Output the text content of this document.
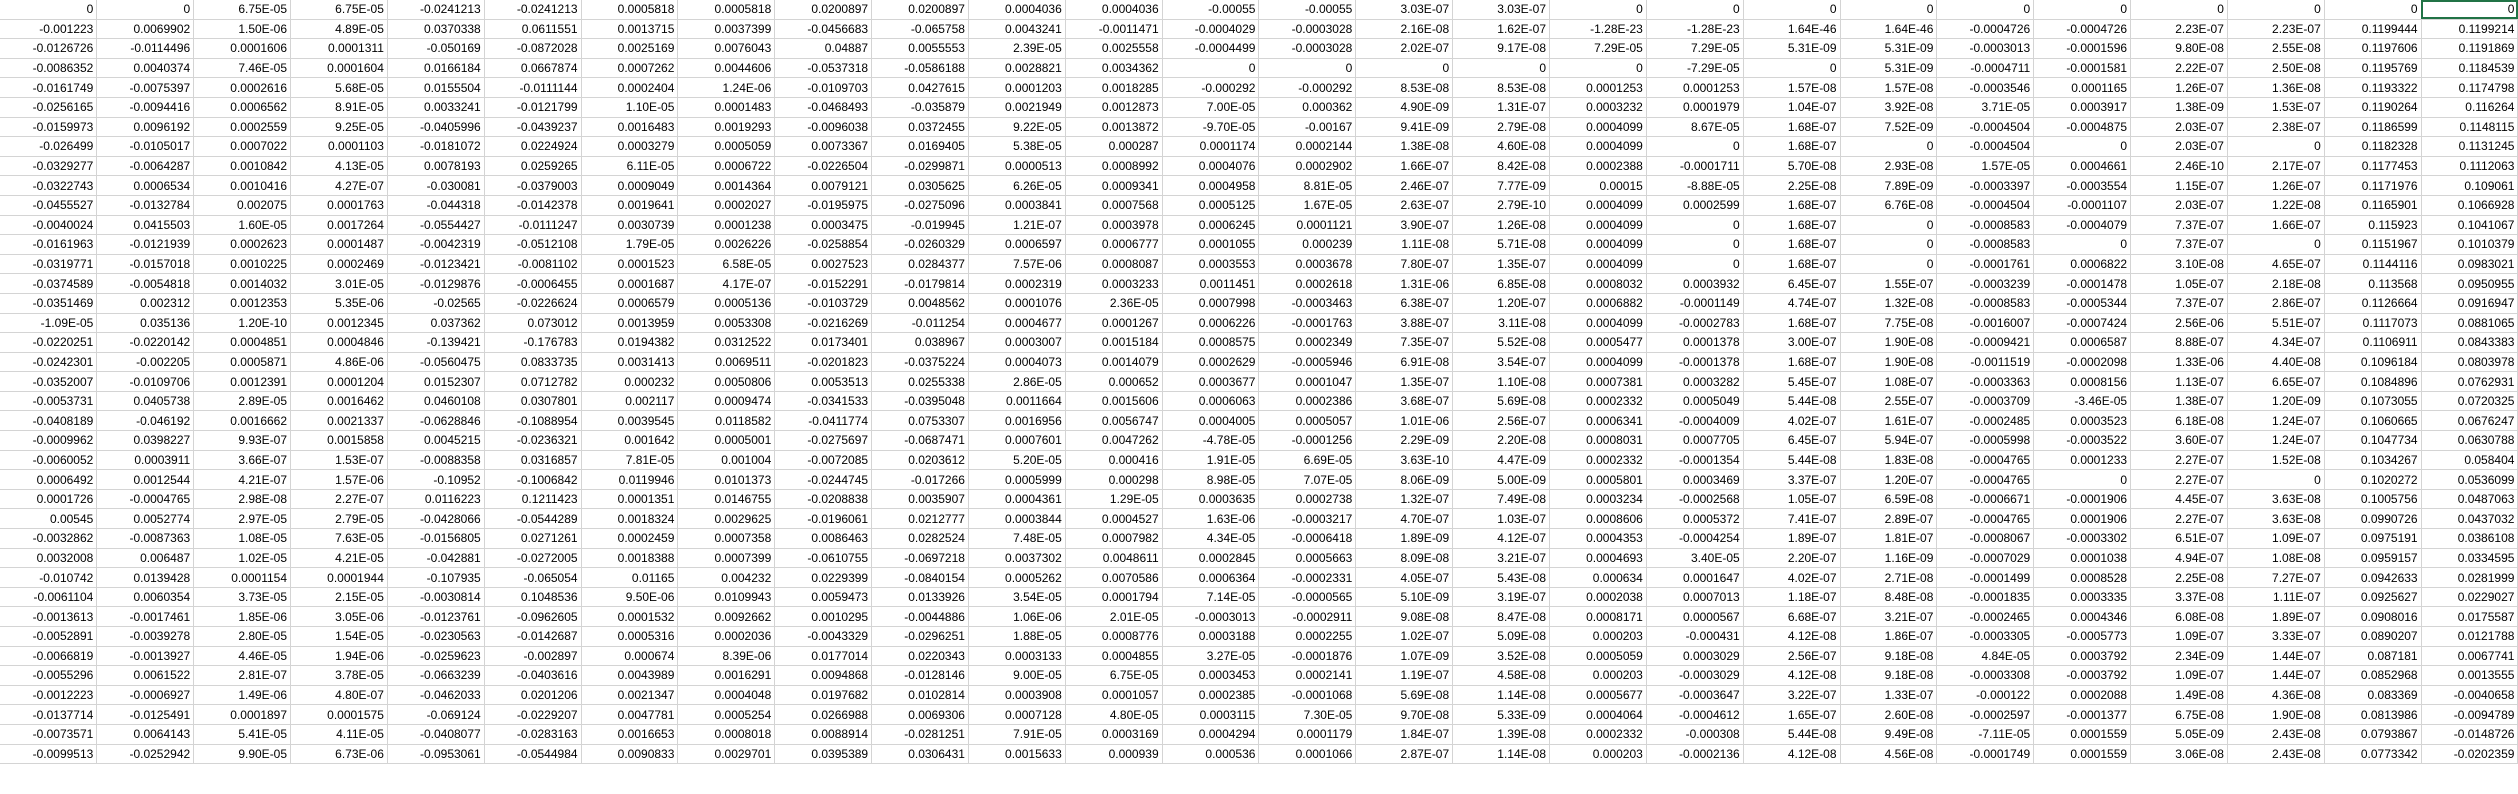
0	0	6.75E-05	6.75E-05	-0.0241213	-0.0241213	0.0005818	0.0005818	0.0200897	0.0200897	0.0004036	0.0004036	-0.00055	-0.00055	3.03E-07	3.03E-07	0	0	0	0	0	0	0	0	0	0
-0.001223	0.0069902	1.50E-06	4.89E-05	0.0370338	0.0611551	0.0013715	0.0037399	-0.0456683	-0.065758	0.0043241	-0.0011471	-0.0004029	-0.0003028	2.16E-08	1.62E-07	-1.28E-23	-1.28E-23	1.64E-46	1.64E-46	-0.0004726	-0.0004726	2.23E-07	2.23E-07	0.1199444	0.1199214
-0.0126726	-0.0114496	0.0001606	0.0001311	-0.050169	-0.0872028	0.0025169	0.0076043	0.04887	0.0055553	2.39E-05	0.0025558	-0.0004499	-0.0003028	2.02E-07	9.17E-08	7.29E-05	7.29E-05	5.31E-09	5.31E-09	-0.0003013	-0.0001596	9.80E-08	2.55E-08	0.1197606	0.1191869
-0.0086352	0.0040374	7.46E-05	0.0001604	0.0166184	0.0667874	0.0007262	0.0044606	-0.0537318	-0.0586188	0.0028821	0.0034362	0	0	0	0	0	-7.29E-05	0	5.31E-09	-0.0004711	-0.0001581	2.22E-07	2.50E-08	0.1195769	0.1184539
-0.0161749	-0.0075397	0.0002616	5.68E-05	0.0155504	-0.0111144	0.0002404	1.24E-06	-0.0109703	0.0427615	0.0001203	0.0018285	-0.000292	-0.000292	8.53E-08	8.53E-08	0.0001253	0.0001253	1.57E-08	1.57E-08	-0.0003546	0.0001165	1.26E-07	1.36E-08	0.1193322	0.1174798
-0.0256165	-0.0094416	0.0006562	8.91E-05	0.0033241	-0.0121799	1.10E-05	0.0001483	-0.0468493	-0.035879	0.0021949	0.0012873	7.00E-05	0.000362	4.90E-09	1.31E-07	0.0003232	0.0001979	1.04E-07	3.92E-08	3.71E-05	0.0003917	1.38E-09	1.53E-07	0.1190264	0.116264
-0.0159973	0.0096192	0.0002559	9.25E-05	-0.0405996	-0.0439237	0.0016483	0.0019293	-0.0096038	0.0372455	9.22E-05	0.0013872	-9.70E-05	-0.00167	9.41E-09	2.79E-08	0.0004099	8.67E-05	1.68E-07	7.52E-09	-0.0004504	-0.0004875	2.03E-07	2.38E-07	0.1186599	0.1148115
-0.026499	-0.0105017	0.0007022	0.0001103	-0.0181072	0.0224924	0.0003279	0.0005059	0.0073367	0.0169405	5.38E-05	0.000287	0.0001174	0.0002144	1.38E-08	4.60E-08	0.0004099	0	1.68E-07	0	-0.0004504	0	2.03E-07	0	0.1182328	0.1131245
-0.0329277	-0.0064287	0.0010842	4.13E-05	0.0078193	0.0259265	6.11E-05	0.0006722	-0.0226504	-0.0299871	0.0000513	0.0008992	0.0004076	0.0002902	1.66E-07	8.42E-08	0.0002388	-0.0001711	5.70E-08	2.93E-08	1.57E-05	0.0004661	2.46E-10	2.17E-07	0.1177453	0.1112063
-0.0322743	0.0006534	0.0010416	4.27E-07	-0.030081	-0.0379003	0.0009049	0.0014364	0.0079121	0.0305625	6.26E-05	0.0009341	0.0004958	8.81E-05	2.46E-07	7.77E-09	0.00015	-8.88E-05	2.25E-08	7.89E-09	-0.0003397	-0.0003554	1.15E-07	1.26E-07	0.1171976	0.109061
-0.0455527	-0.0132784	0.002075	0.0001763	-0.044318	-0.0142378	0.0019641	0.0002027	-0.0195975	-0.0275096	0.0003841	0.0007568	0.0005125	1.67E-05	2.63E-07	2.79E-10	0.0004099	0.0002599	1.68E-07	6.76E-08	-0.0004504	-0.0001107	2.03E-07	1.22E-08	0.1165901	0.1066928
-0.0040024	0.0415503	1.60E-05	0.0017264	-0.0554427	-0.0111247	0.0030739	0.0001238	0.0003475	-0.019945	1.21E-07	0.0003978	0.0006245	0.0001121	3.90E-07	1.26E-08	0.0004099	0	1.68E-07	0	-0.0008583	-0.0004079	7.37E-07	1.66E-07	0.115923	0.1041067
-0.0161963	-0.0121939	0.0002623	0.0001487	-0.0042319	-0.0512108	1.79E-05	0.0026226	-0.0258854	-0.0260329	0.0006597	0.0006777	0.0001055	0.000239	1.11E-08	5.71E-08	0.0004099	0	1.68E-07	0	-0.0008583	0	7.37E-07	0	0.1151967	0.1010379
-0.0319771	-0.0157018	0.0010225	0.0002469	-0.0123421	-0.0081102	0.0001523	6.58E-05	0.0027523	0.0284377	7.57E-06	0.0008087	0.0003553	0.0003678	7.80E-07	1.35E-07	0.0004099	0	1.68E-07	0	-0.0001761	0.0006822	3.10E-08	4.65E-07	0.1144116	0.0983021
-0.0374589	-0.0054818	0.0014032	3.01E-05	-0.0129876	-0.0006455	0.0001687	4.17E-07	-0.0152291	-0.0179814	0.0002319	0.0003233	0.0011451	0.0002618	1.31E-06	6.85E-08	0.0008032	0.0003932	6.45E-07	1.55E-07	-0.0003239	-0.0001478	1.05E-07	2.18E-08	0.113568	0.0950955
-0.0351469	0.002312	0.0012353	5.35E-06	-0.02565	-0.0226624	0.0006579	0.0005136	-0.0103729	0.0048562	0.0001076	2.36E-05	0.0007998	-0.0003463	6.38E-07	1.20E-07	0.0006882	-0.0001149	4.74E-07	1.32E-08	-0.0008583	-0.0005344	7.37E-07	2.86E-07	0.1126664	0.0916947
-1.09E-05	0.035136	1.20E-10	0.0012345	0.037362	0.073012	0.0013959	0.0053308	-0.0216269	-0.011254	0.0004677	0.0001267	0.0006226	-0.0001763	3.88E-07	3.11E-08	0.0004099	-0.0002783	1.68E-07	7.75E-08	-0.0016007	-0.0007424	2.56E-06	5.51E-07	0.1117073	0.0881065
-0.0220251	-0.0220142	0.0004851	0.0004846	-0.139421	-0.176783	0.0194382	0.0312522	0.0173401	0.038967	0.0003007	0.0015184	0.0008575	0.0002349	7.35E-07	5.52E-08	0.0005477	0.0001378	3.00E-07	1.90E-08	-0.0009421	0.0006587	8.88E-07	4.34E-07	0.1106911	0.0843383
-0.0242301	-0.002205	0.0005871	4.86E-06	-0.0560475	0.0833735	0.0031413	0.0069511	-0.0201823	-0.0375224	0.0004073	0.0014079	0.0002629	-0.0005946	6.91E-08	3.54E-07	0.0004099	-0.0001378	1.68E-07	1.90E-08	-0.0011519	-0.0002098	1.33E-06	4.40E-08	0.1096184	0.0803978
-0.0352007	-0.0109706	0.0012391	0.0001204	0.0152307	0.0712782	0.000232	0.0050806	0.0053513	0.0255338	2.86E-05	0.000652	0.0003677	0.0001047	1.35E-07	1.10E-08	0.0007381	0.0003282	5.45E-07	1.08E-07	-0.0003363	0.0008156	1.13E-07	6.65E-07	0.1084896	0.0762931
-0.0053731	0.0405738	2.89E-05	0.0016462	0.0460108	0.0307801	0.002117	0.0009474	-0.0341533	-0.0395048	0.0011664	0.0015606	0.0006063	0.0002386	3.68E-07	5.69E-08	0.0002332	0.0005049	5.44E-08	2.55E-07	-0.0003709	-3.46E-05	1.38E-07	1.20E-09	0.1073055	0.0720325
-0.0408189	-0.046192	0.0016662	0.0021337	-0.0628846	-0.1088954	0.0039545	0.0118582	-0.0411774	0.0753307	0.0016956	0.0056747	0.0004005	0.0005057	1.01E-06	2.56E-07	0.0006341	-0.0004009	4.02E-07	1.61E-07	-0.0002485	0.0003523	6.18E-08	1.24E-07	0.1060665	0.0676247
-0.0009962	0.0398227	9.93E-07	0.0015858	0.0045215	-0.0236321	0.001642	0.0005001	-0.0275697	-0.0687471	0.0007601	0.0047262	-4.78E-05	-0.0001256	2.29E-09	2.20E-08	0.0008031	0.0007705	6.45E-07	5.94E-07	-0.0005998	-0.0003522	3.60E-07	1.24E-07	0.1047734	0.0630788
-0.0060052	0.0003911	3.66E-07	1.53E-07	-0.0088358	0.0316857	7.81E-05	0.001004	-0.0072085	0.0203612	5.20E-05	0.000416	1.91E-05	6.69E-05	3.63E-10	4.47E-09	0.0002332	-0.0001354	5.44E-08	1.83E-08	-0.0004765	0.0001233	2.27E-07	1.52E-08	0.1034267	0.058404
0.0006492	0.0012544	4.21E-07	1.57E-06	-0.10952	-0.1006842	0.0119946	0.0101373	-0.0244745	-0.017266	0.0005999	0.000298	8.98E-05	7.07E-05	8.06E-09	5.00E-09	0.0005801	0.0003469	3.37E-07	1.20E-07	-0.0004765	0	2.27E-07	0	0.1020272	0.0536099
0.0001726	-0.0004765	2.98E-08	2.27E-07	0.0116223	0.1211423	0.0001351	0.0146755	-0.0208838	0.0035907	0.0004361	1.29E-05	0.0003635	0.0002738	1.32E-07	7.49E-08	0.0003234	-0.0002568	1.05E-07	6.59E-08	-0.0006671	-0.0001906	4.45E-07	3.63E-08	0.1005756	0.0487063
0.00545	0.0052774	2.97E-05	2.79E-05	-0.0428066	-0.0544289	0.0018324	0.0029625	-0.0196061	0.0212777	0.0003844	0.0004527	1.63E-06	-0.0003217	4.70E-07	1.03E-07	0.0008606	0.0005372	7.41E-07	2.89E-07	-0.0004765	0.0001906	2.27E-07	3.63E-08	0.0990726	0.0437032
-0.0032862	-0.0087363	1.08E-05	7.63E-05	-0.0156805	0.0271261	0.0002459	0.0007358	0.0086463	0.0282524	7.48E-05	0.0007982	4.34E-05	-0.0006418	1.89E-09	4.12E-07	0.0004353	-0.0004254	1.89E-07	1.81E-07	-0.0008067	-0.0003302	6.51E-07	1.09E-07	0.0975191	0.0386108
0.0032008	0.006487	1.02E-05	4.21E-05	-0.042881	-0.0272005	0.0018388	0.0007399	-0.0610755	-0.0697218	0.0037302	0.0048611	0.0002845	0.0005663	8.09E-08	3.21E-07	0.0004693	3.40E-05	2.20E-07	1.16E-09	-0.0007029	0.0001038	4.94E-07	1.08E-08	0.0959157	0.0334595
-0.010742	0.0139428	0.0001154	0.0001944	-0.107935	-0.065054	0.01165	0.004232	0.0229399	-0.0840154	0.0005262	0.0070586	0.0006364	-0.0002331	4.05E-07	5.43E-08	0.000634	0.0001647	4.02E-07	2.71E-08	-0.0001499	0.0008528	2.25E-08	7.27E-07	0.0942633	0.0281999
-0.0061104	0.0060354	3.73E-05	2.15E-05	-0.0030814	0.1048536	9.50E-06	0.0109943	0.0059473	0.0133926	3.54E-05	0.0001794	7.14E-05	-0.0000565	5.10E-09	3.19E-07	0.0002038	0.0007013	1.18E-07	8.48E-08	-0.0001835	0.0003335	3.37E-08	1.11E-07	0.0925627	0.0229027
-0.0013613	-0.0017461	1.85E-06	3.05E-06	-0.0123761	-0.0962605	0.0001532	0.0092662	0.0010295	-0.0044886	1.06E-06	2.01E-05	-0.0003013	-0.0002911	9.08E-08	8.47E-08	0.0008171	0.0000567	6.68E-07	3.21E-07	-0.0002465	0.0004346	6.08E-08	1.89E-07	0.0908016	0.0175587
-0.0052891	-0.0039278	2.80E-05	1.54E-05	-0.0230563	-0.0142687	0.0005316	0.0002036	-0.0043329	-0.0296251	1.88E-05	0.0008776	0.0003188	0.0002255	1.02E-07	5.09E-08	0.000203	-0.000431	4.12E-08	1.86E-07	-0.0003305	-0.0005773	1.09E-07	3.33E-07	0.0890207	0.0121788
-0.0066819	-0.0013927	4.46E-05	1.94E-06	-0.0259623	-0.002897	0.000674	8.39E-06	0.0177014	0.0220343	0.0003133	0.0004855	3.27E-05	-0.0001876	1.07E-09	3.52E-08	0.0005059	0.0003029	2.56E-07	9.18E-08	4.84E-05	0.0003792	2.34E-09	1.44E-07	0.087181	0.0067741
-0.0055296	0.0061522	2.81E-07	3.78E-05	-0.0663239	-0.0403616	0.0043989	0.0016291	0.0094868	-0.0128146	9.00E-05	6.75E-05	0.0003453	0.0002141	1.19E-07	4.58E-08	0.000203	-0.0003029	4.12E-08	9.18E-08	-0.0003308	-0.0003792	1.09E-07	1.44E-07	0.0852968	0.0013555
-0.0012223	-0.0006927	1.49E-06	4.80E-07	-0.0462033	0.0201206	0.0021347	0.0004048	0.0197682	0.0102814	0.0003908	0.0001057	0.0002385	-0.0001068	5.69E-08	1.14E-08	0.0005677	-0.0003647	3.22E-07	1.33E-07	-0.000122	0.0002088	1.49E-08	4.36E-08	0.083369	-0.0040658
-0.0137714	-0.0125491	0.0001897	0.0001575	-0.069124	-0.0229207	0.0047781	0.0005254	0.0266988	0.0069306	0.0007128	4.80E-05	0.0003115	7.30E-05	9.70E-08	5.33E-09	0.0004064	-0.0004612	1.65E-07	2.60E-08	-0.0002597	-0.0001377	6.75E-08	1.90E-08	0.0813986	-0.0094789
-0.0073571	0.0064143	5.41E-05	4.11E-05	-0.0408077	-0.0283163	0.0016653	0.0008018	0.0088914	-0.0281251	7.91E-05	0.0003169	0.0004294	0.0001179	1.84E-07	1.39E-08	0.0002332	-0.000308	5.44E-08	9.49E-08	-7.11E-05	0.0001559	5.05E-09	2.43E-08	0.0793867	-0.0148726
-0.0099513	-0.0252942	9.90E-05	6.73E-06	-0.0953061	-0.0544984	0.0090833	0.0029701	0.0395389	0.0306431	0.0015633	0.000939	0.000536	0.0001066	2.87E-07	1.14E-08	0.000203	-0.0002136	4.12E-08	4.56E-08	-0.0001749	0.0001559	3.06E-08	2.43E-08	0.0773342	-0.0202359
